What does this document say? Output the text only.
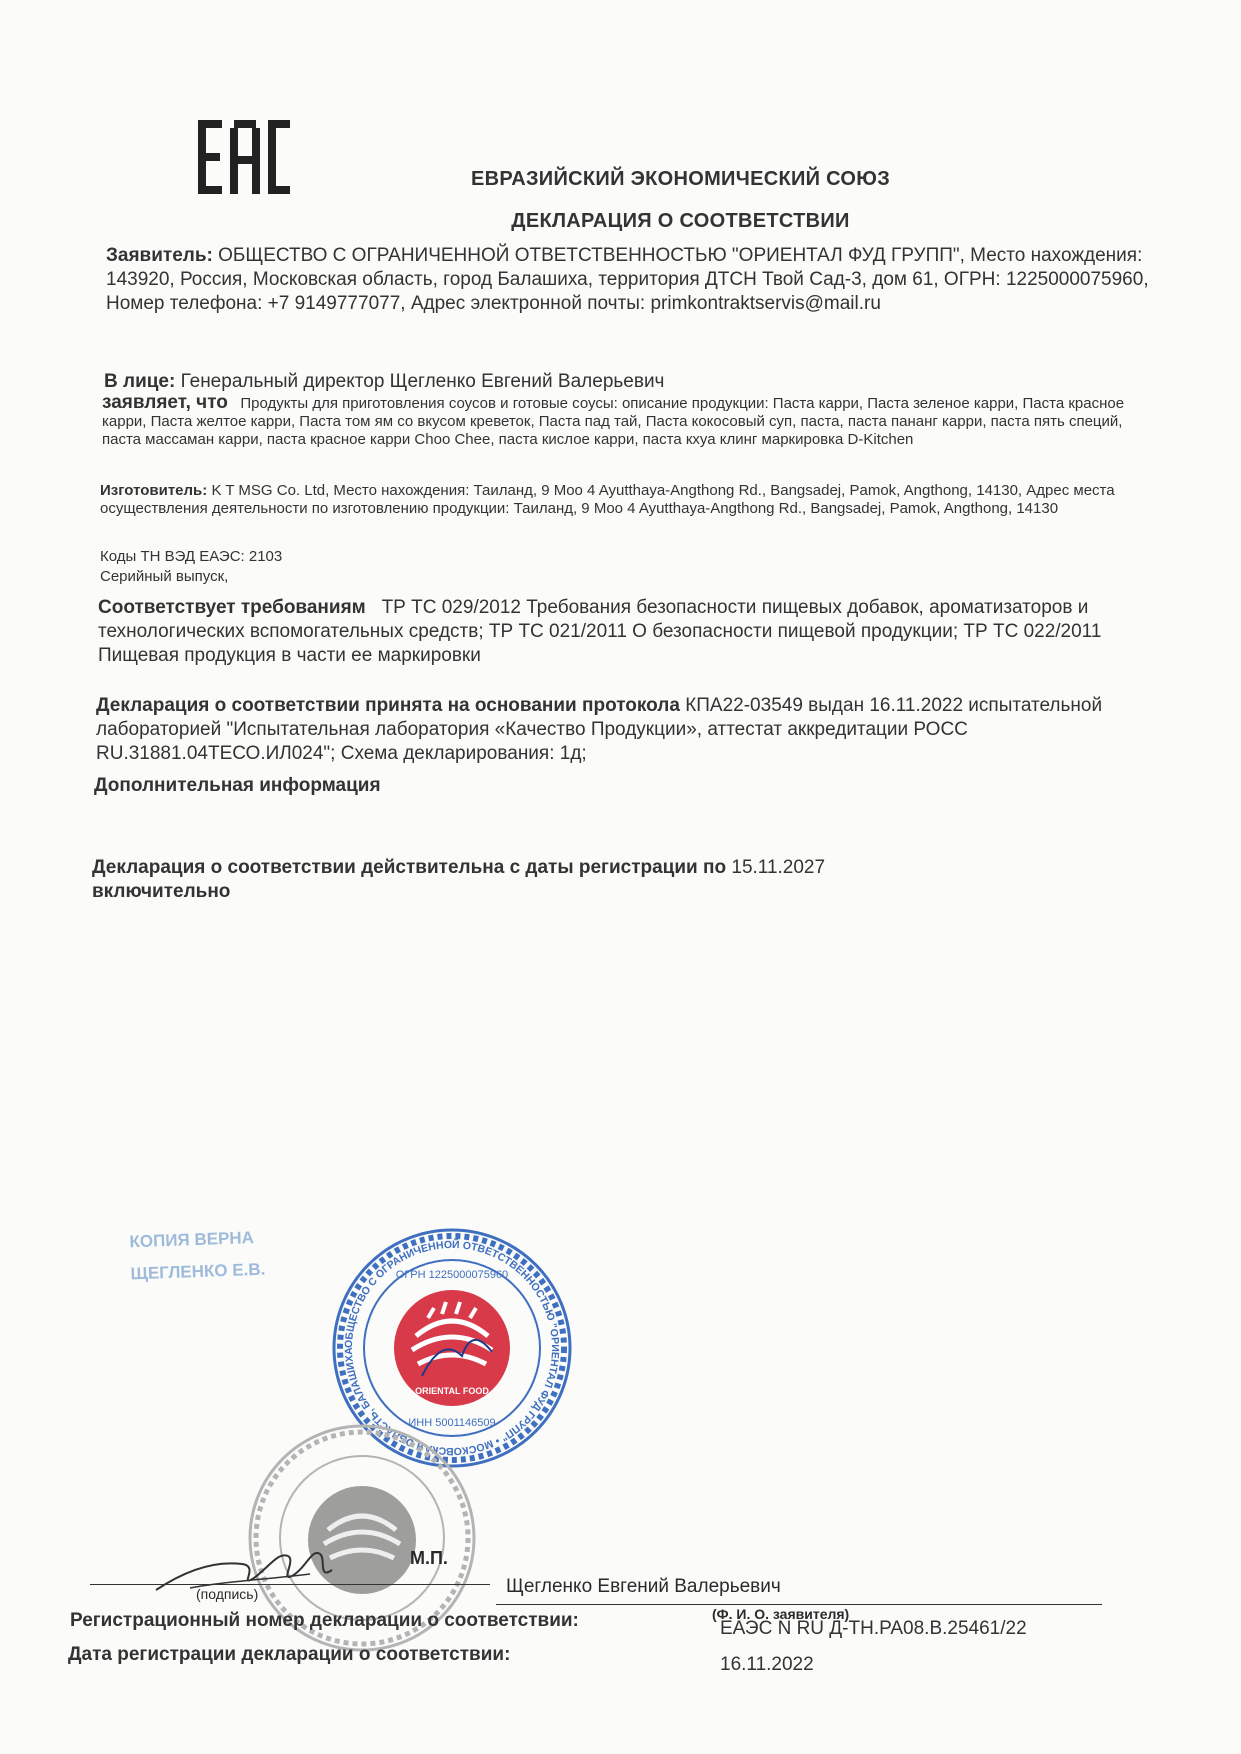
ЕВРАЗИЙСКИЙ ЭКОНОМИЧЕСКИЙ СОЮЗ
ДЕКЛАРАЦИЯ О СООТВЕТСТВИИ
Заявитель: ОБЩЕСТВО С ОГРАНИЧЕННОЙ ОТВЕТСТВЕННОСТЬЮ "ОРИЕНТАЛ ФУД ГРУПП", Место нахождения: 143920, Россия, Московская область, город Балашиха, территория ДТСН Твой Сад-3, дом 61, ОГРН: 1225000075960, Номер телефона: +7 9149777077, Адрес электронной почты: primkontraktservis@mail.ru
В лице: Генеральный директор Щегленко Евгений Валерьевич
заявляет, что Продукты для приготовления соусов и готовые соусы: описание продукции: Паста карри, Паста зеленое карри, Паста красное карри, Паста желтое карри, Паста том ям со вкусом креветок, Паста пад тай, Паста кокосовый суп, паста, паста пананг карри, паста пять специй, паста массаман карри, паста красное карри Choo Chee, паста кислое карри, паста кхуа клинг маркировка D-Kitchen
Изготовитель: K T MSG Co. Ltd, Место нахождения: Таиланд, 9 Moo 4 Ayutthaya-Angthong Rd., Bangsadej, Pamok, Angthong, 14130, Адрес места осуществления деятельности по изготовлению продукции: Таиланд, 9 Moo 4 Ayutthaya-Angthong Rd., Bangsadej, Pamok, Angthong, 14130
Коды ТН ВЭД ЕАЭС: 2103
Серийный выпуск,
Соответствует требованиям ТР ТС 029/2012 Требования безопасности пищевых добавок, ароматизаторов и технологических вспомогательных средств; ТР ТС 021/2011 О безопасности пищевой продукции; ТР ТС 022/2011 Пищевая продукция в части ее маркировки
Декларация о соответствии принята на основании протокола КПА22-03549 выдан 16.11.2022 испытательной лабораторией "Испытательная лаборатория «Качество Продукции», аттестат аккредитации РОСС RU.31881.04ТЕСО.ИЛ024"; Схема декларирования: 1д;
Дополнительная информация
Декларация о соответствии действительна с даты регистрации по 15.11.2027
включительно
КОПИЯ ВЕРНА
ЩЕГЛЕНКО Е.В.
ОБЩЕСТВО С ОГРАНИЧЕННОЙ ОТВЕТСТВЕННОСТЬЮ "ОРИЕНТАЛ ФУД ГРУПП" • МОСКОВСКАЯ ОБЛАСТЬ, БАЛАШИХА
ОГРН 1225000075960
ИНН 5001146509
ORIENTAL FOOD
М.П.
(подпись)	Щегленко Евгений Валерьевич
(Ф. И. О. заявителя)
Регистрационный номер декларации о соответствии:	ЕАЭС N RU Д-TH.PA08.B.25461/22
Дата регистрации декларации о соответствии:	16.11.2022
